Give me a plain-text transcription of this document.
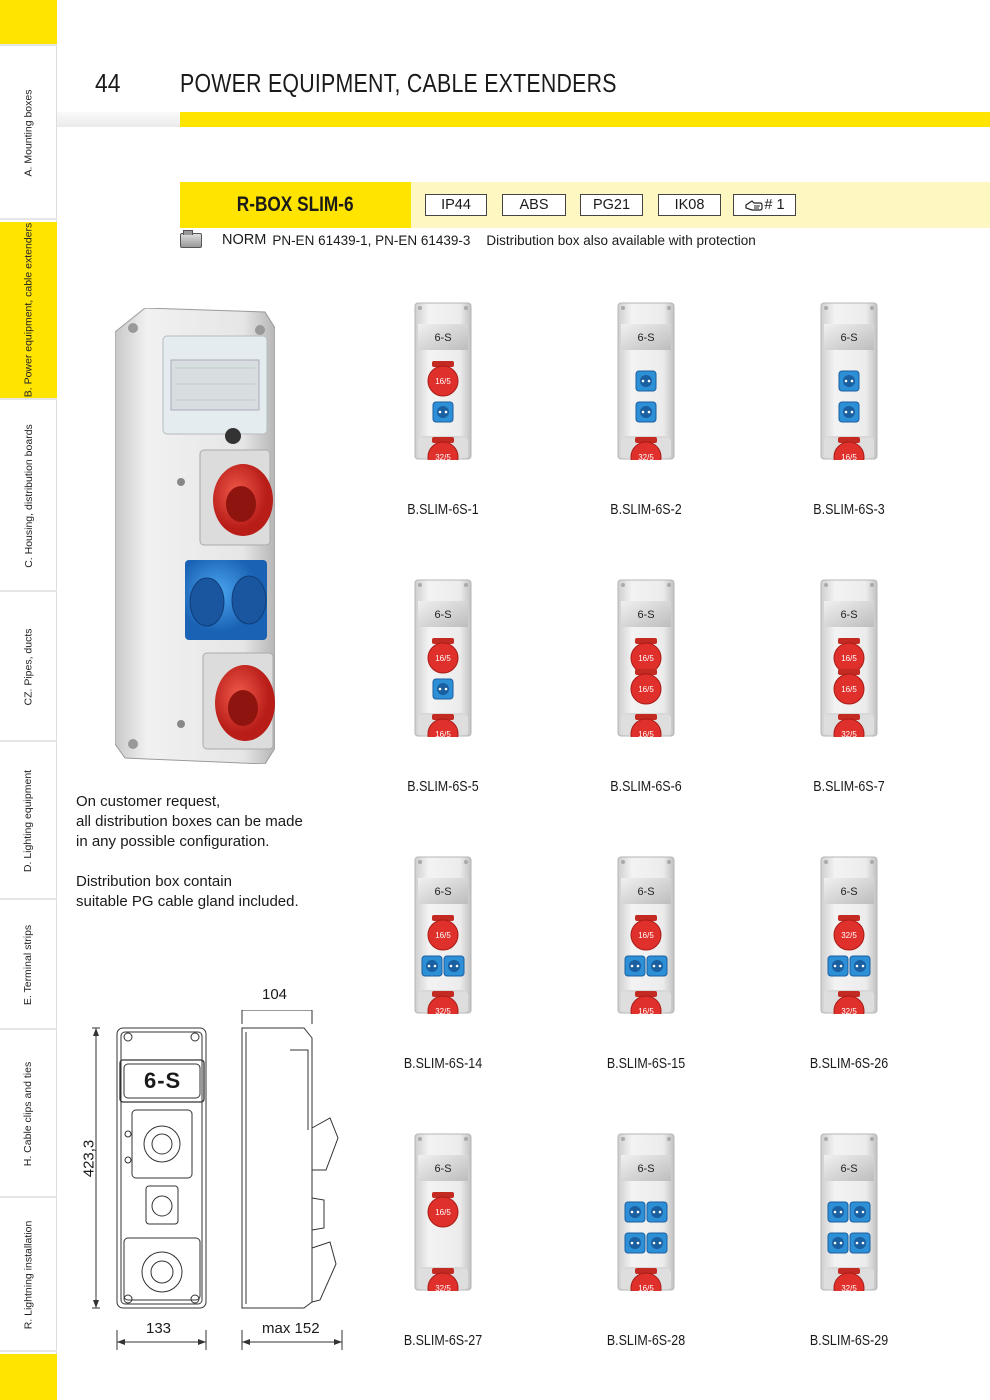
A. Mounting boxes
B. Power equipment, cable extenders
C. Housing, distribution boards
CZ. Pipes, ducts
D. Lighting equipment
E. Terminal strips
H. Cable clips and ties
R. Lightning installation
44 POWER EQUIPMENT, CABLE EXTENDERS
R-BOX SLIM-6	IP44	ABS	PG21	IK08	# 1
NORM PN-EN 61439-1, PN-EN 61439-3 Distribution box also available with protection
On customer request,
all distribution boxes can be made
in any possible configuration.
Distribution box contain
suitable PG cable gland included.
6-S
423,3
133
104
max 152
6-S
16/5
32/5
B.SLIM-6S-1
6-S
32/5
B.SLIM-6S-2
6-S
16/5
B.SLIM-6S-3
6-S
16/5
16/5
B.SLIM-6S-5
6-S
16/5
16/5
16/5
B.SLIM-6S-6
6-S
16/5
16/5
32/5
B.SLIM-6S-7
6-S
16/5
32/5
B.SLIM-6S-14
6-S
16/5
16/5
B.SLIM-6S-15
6-S
32/5
32/5
B.SLIM-6S-26
6-S
16/5
32/5
B.SLIM-6S-27
6-S
16/5
B.SLIM-6S-28
6-S
32/5
B.SLIM-6S-29
